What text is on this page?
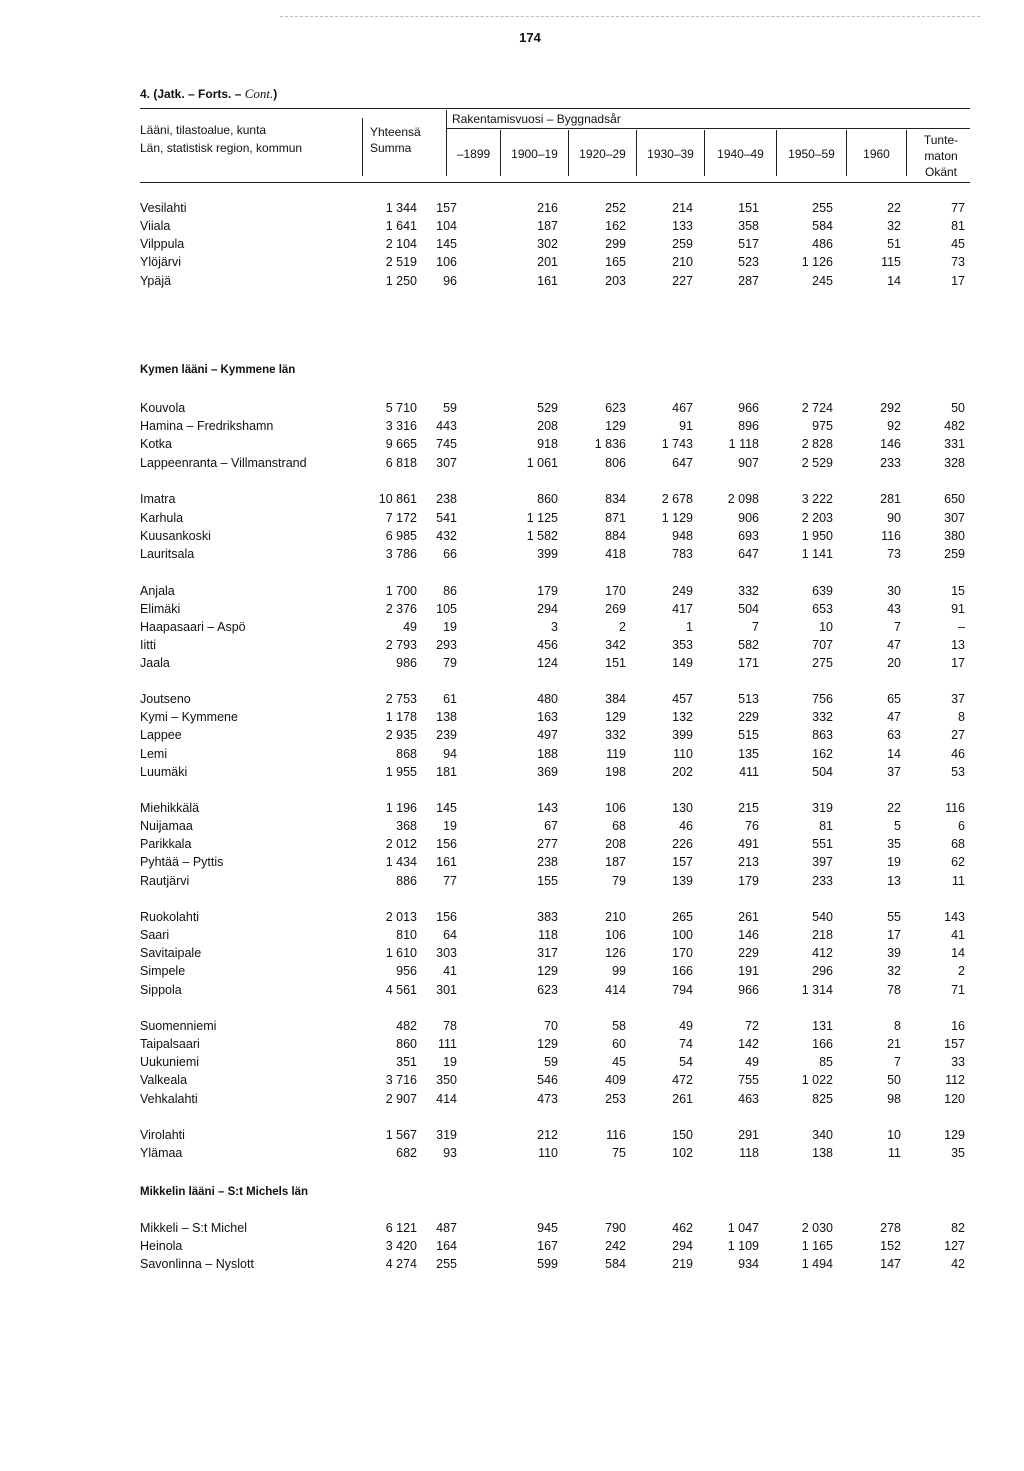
174
4. (Jatk. – Forts. – Cont.)
Lääni, tilastoalue, kunta
Län, statistisk region, kommun
Yhteensä
Summa
Rakentamisvuosi – Byggnadsår
–1899	1900–19	1920–29	1930–39	1940–49	1950–59	1960
Tunte-
maton
Okänt
Kymen lääni – Kymmene län
Mikkelin lääni – S:t Michels län
Vesilahti	1 344	157	216	252	214	151	255	22	77
Viiala	1 641	104	187	162	133	358	584	32	81
Vilppula	2 104	145	302	299	259	517	486	51	45
Ylöjärvi	2 519	106	201	165	210	523	1 126	115	73
Ypäjä	1 250	96	161	203	227	287	245	14	17
Kouvola	5 710	59	529	623	467	966	2 724	292	50
Hamina – Fredrikshamn	3 316	443	208	129	91	896	975	92	482
Kotka	9 665	745	918	1 836	1 743	1 118	2 828	146	331
Lappeenranta – Villmanstrand	6 818	307	1 061	806	647	907	2 529	233	328
Imatra	10 861	238	860	834	2 678	2 098	3 222	281	650
Karhula	7 172	541	1 125	871	1 129	906	2 203	90	307
Kuusankoski	6 985	432	1 582	884	948	693	1 950	116	380
Lauritsala	3 786	66	399	418	783	647	1 141	73	259
Anjala	1 700	86	179	170	249	332	639	30	15
Elimäki	2 376	105	294	269	417	504	653	43	91
Haapasaari – Aspö	49	19	3	2	1	7	10	7	–
Iitti	2 793	293	456	342	353	582	707	47	13
Jaala	986	79	124	151	149	171	275	20	17
Joutseno	2 753	61	480	384	457	513	756	65	37
Kymi – Kymmene	1 178	138	163	129	132	229	332	47	8
Lappee	2 935	239	497	332	399	515	863	63	27
Lemi	868	94	188	119	110	135	162	14	46
Luumäki	1 955	181	369	198	202	411	504	37	53
Miehikkälä	1 196	145	143	106	130	215	319	22	116
Nuijamaa	368	19	67	68	46	76	81	5	6
Parikkala	2 012	156	277	208	226	491	551	35	68
Pyhtää – Pyttis	1 434	161	238	187	157	213	397	19	62
Rautjärvi	886	77	155	79	139	179	233	13	11
Ruokolahti	2 013	156	383	210	265	261	540	55	143
Saari	810	64	118	106	100	146	218	17	41
Savitaipale	1 610	303	317	126	170	229	412	39	14
Simpele	956	41	129	99	166	191	296	32	2
Sippola	4 561	301	623	414	794	966	1 314	78	71
Suomenniemi	482	78	70	58	49	72	131	8	16
Taipalsaari	860	111	129	60	74	142	166	21	157
Uukuniemi	351	19	59	45	54	49	85	7	33
Valkeala	3 716	350	546	409	472	755	1 022	50	112
Vehkalahti	2 907	414	473	253	261	463	825	98	120
Virolahti	1 567	319	212	116	150	291	340	10	129
Ylämaa	682	93	110	75	102	118	138	11	35
Mikkeli – S:t Michel	6 121	487	945	790	462	1 047	2 030	278	82
Heinola	3 420	164	167	242	294	1 109	1 165	152	127
Savonlinna – Nyslott	4 274	255	599	584	219	934	1 494	147	42
